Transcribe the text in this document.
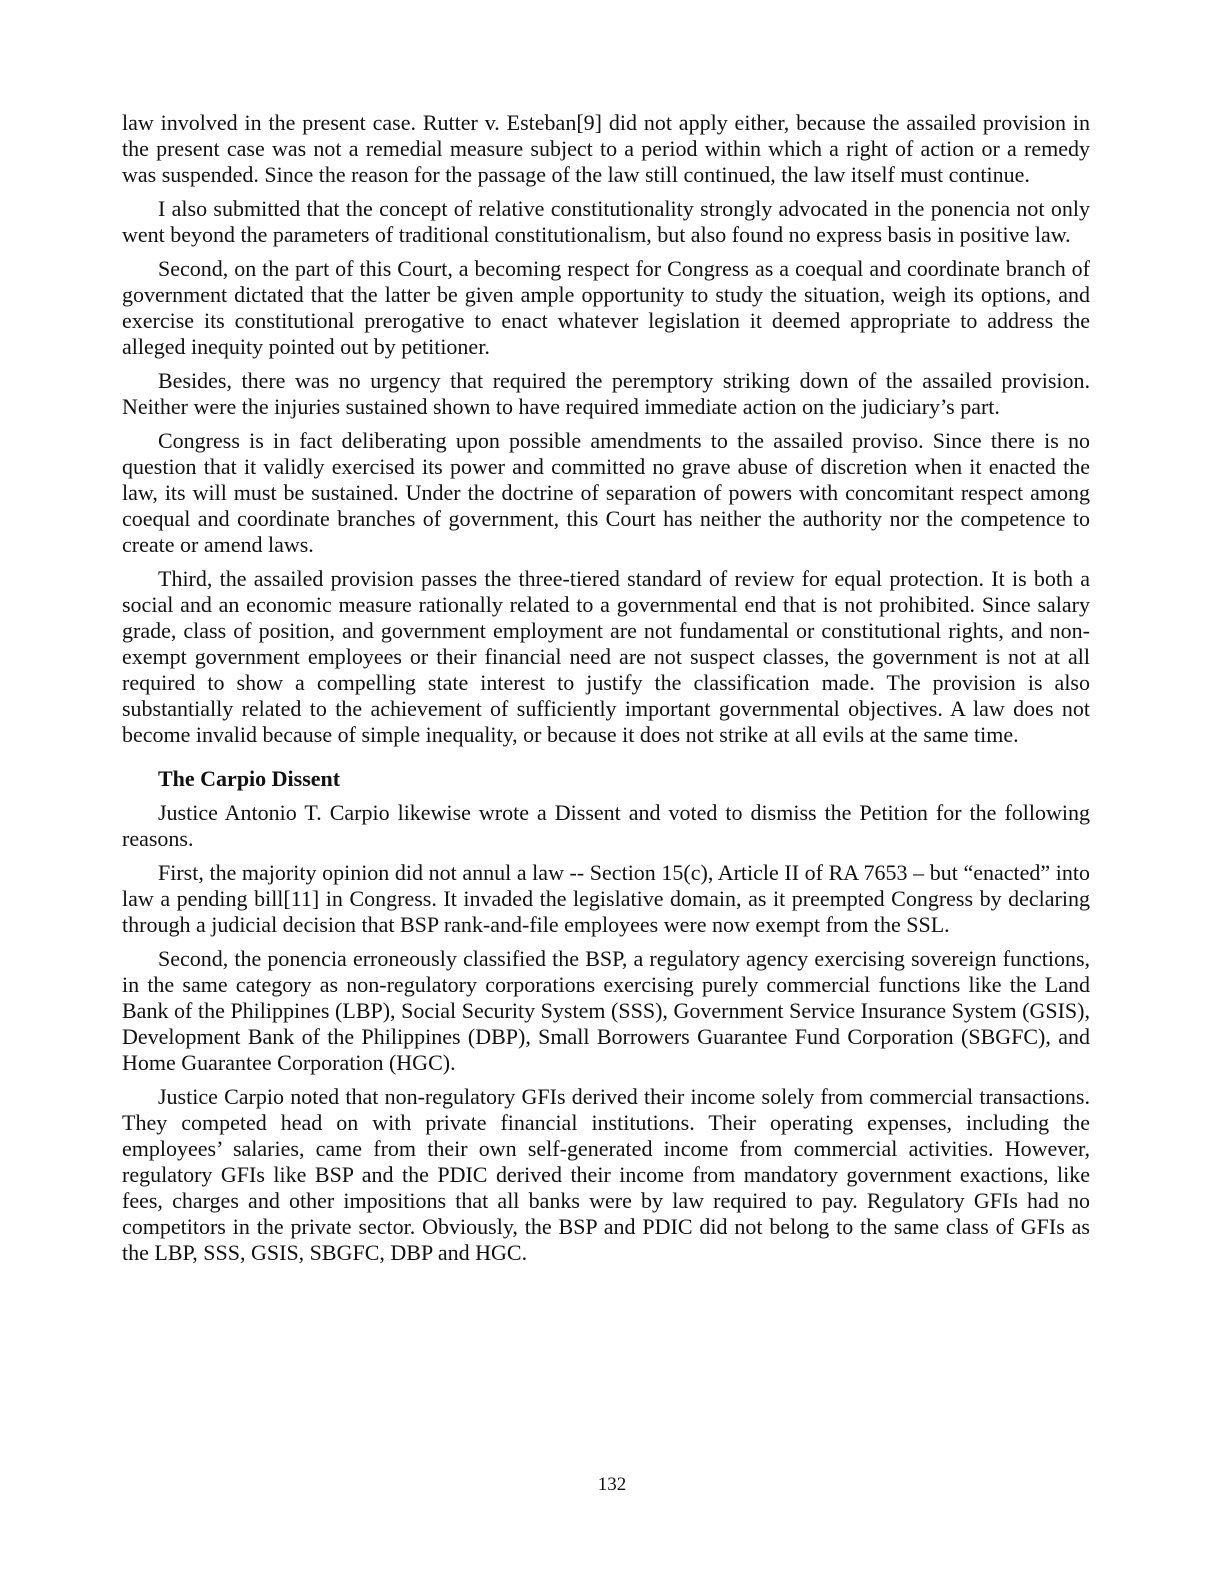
law involved in the present case. Rutter v. Esteban[9] did not apply either, because the assailed provision in the present case was not a remedial measure subject to a period within which a right of action or a remedy was suspended. Since the reason for the passage of the law still continued, the law itself must continue.

I also submitted that the concept of relative constitutionality strongly advocated in the ponencia not only went beyond the parameters of traditional constitutionalism, but also found no express basis in positive law.

Second, on the part of this Court, a becoming respect for Congress as a coequal and coordinate branch of government dictated that the latter be given ample opportunity to study the situation, weigh its options, and exercise its constitutional prerogative to enact whatever legislation it deemed appropriate to address the alleged inequity pointed out by petitioner.

Besides, there was no urgency that required the peremptory striking down of the assailed provision. Neither were the injuries sustained shown to have required immediate action on the judiciary’s part.

Congress is in fact deliberating upon possible amendments to the assailed proviso. Since there is no question that it validly exercised its power and committed no grave abuse of discretion when it enacted the law, its will must be sustained. Under the doctrine of separation of powers with concomitant respect among coequal and coordinate branches of government, this Court has neither the authority nor the competence to create or amend laws.

Third, the assailed provision passes the three-tiered standard of review for equal protection. It is both a social and an economic measure rationally related to a governmental end that is not prohibited. Since salary grade, class of position, and government employment are not fundamental or constitutional rights, and non-exempt government employees or their financial need are not suspect classes, the government is not at all required to show a compelling state interest to justify the classification made. The provision is also substantially related to the achievement of sufficiently important governmental objectives. A law does not become invalid because of simple inequality, or because it does not strike at all evils at the same time.

The Carpio Dissent

Justice Antonio T. Carpio likewise wrote a Dissent and voted to dismiss the Petition for the following reasons.

First, the majority opinion did not annul a law -- Section 15(c), Article II of RA 7653 – but “enacted” into law a pending bill[11] in Congress. It invaded the legislative domain, as it preempted Congress by declaring through a judicial decision that BSP rank-and-file employees were now exempt from the SSL.

Second, the ponencia erroneously classified the BSP, a regulatory agency exercising sovereign functions, in the same category as non-regulatory corporations exercising purely commercial functions like the Land Bank of the Philippines (LBP), Social Security System (SSS), Government Service Insurance System (GSIS), Development Bank of the Philippines (DBP), Small Borrowers Guarantee Fund Corporation (SBGFC), and Home Guarantee Corporation (HGC).

Justice Carpio noted that non-regulatory GFIs derived their income solely from commercial transactions. They competed head on with private financial institutions. Their operating expenses, including the employees’ salaries, came from their own self-generated income from commercial activities. However, regulatory GFIs like BSP and the PDIC derived their income from mandatory government exactions, like fees, charges and other impositions that all banks were by law required to pay. Regulatory GFIs had no competitors in the private sector. Obviously, the BSP and PDIC did not belong to the same class of GFIs as the LBP, SSS, GSIS, SBGFC, DBP and HGC.

132
